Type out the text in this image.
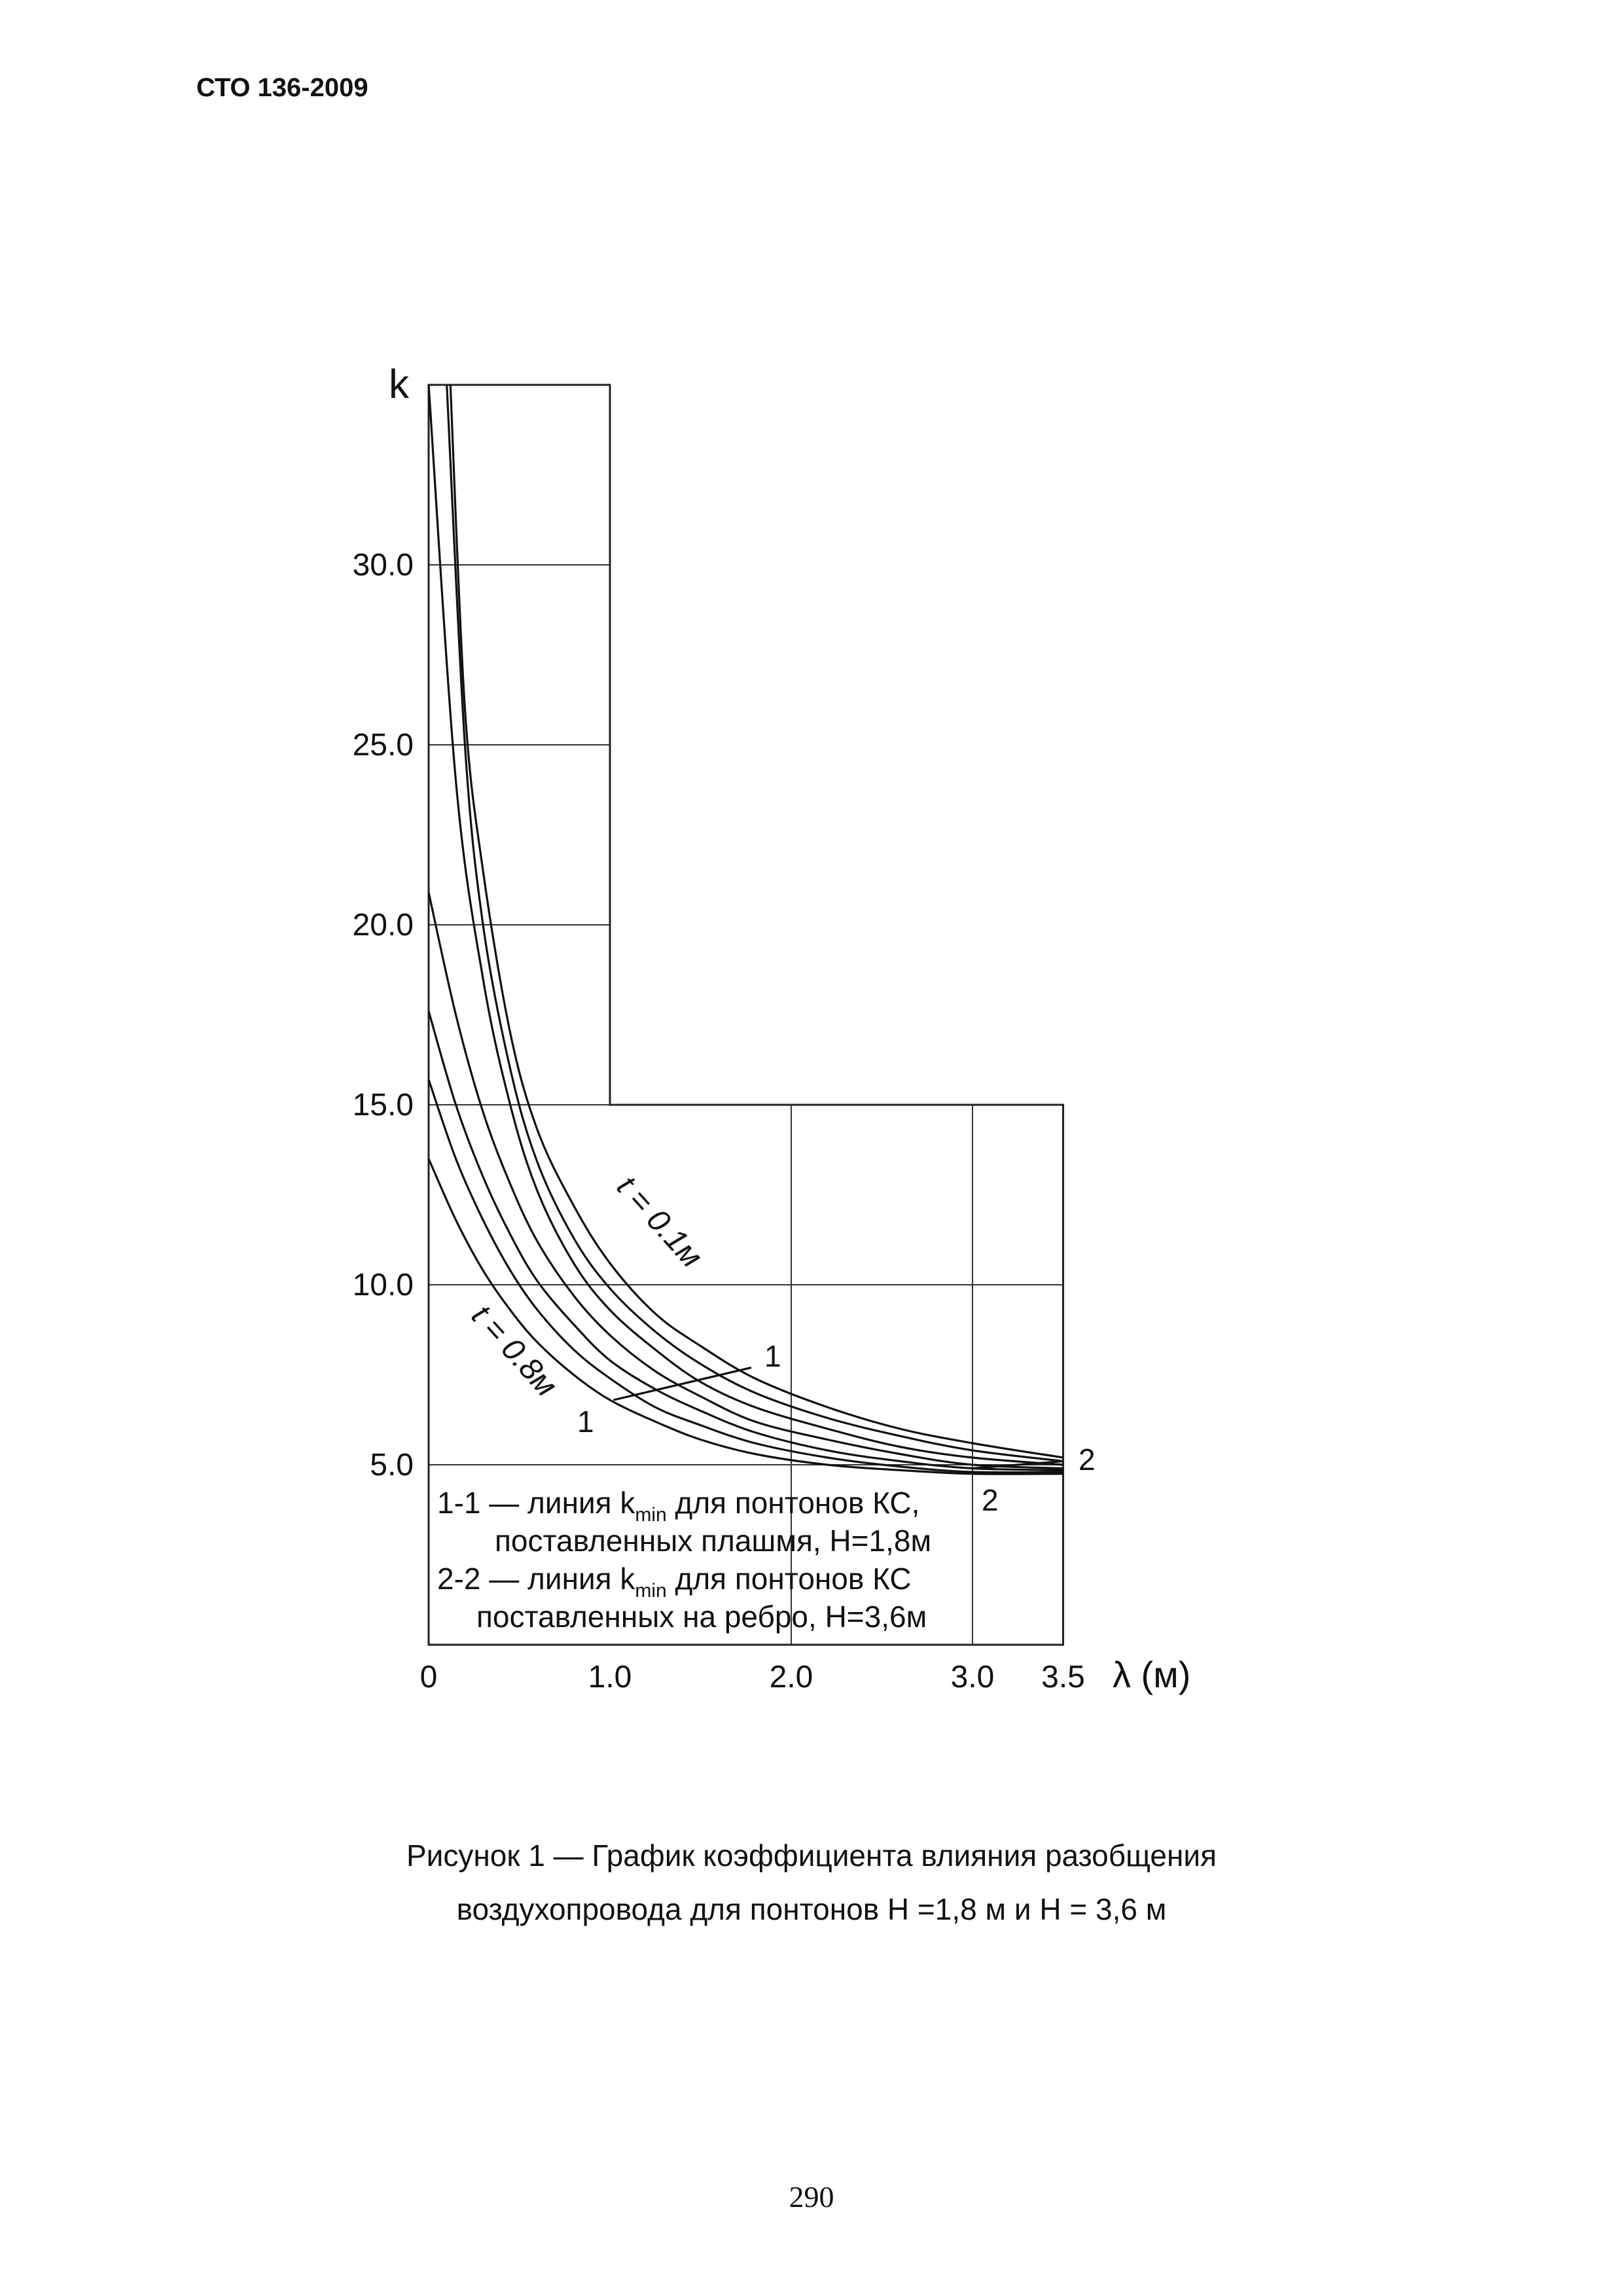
СТО 136-2009
1
1
2
2
5.0
10.0
15.0
20.0
25.0
30.0
0	1.0	2.0	3.0 3.5
k
λ (м)
t = 0.1м
t = 0.8м
1-1 — линия $k_{min}$ для понтонов КС,
поставленных плашмя, H=1,8м
2-2 — линия $k_{min}$ для понтонов КС
поставленных на ребро, H=3,6м
Рисунок 1 — График коэффициента влияния разобщения
воздухопровода для понтонов H =1,8 м и H = 3,6 м
290
